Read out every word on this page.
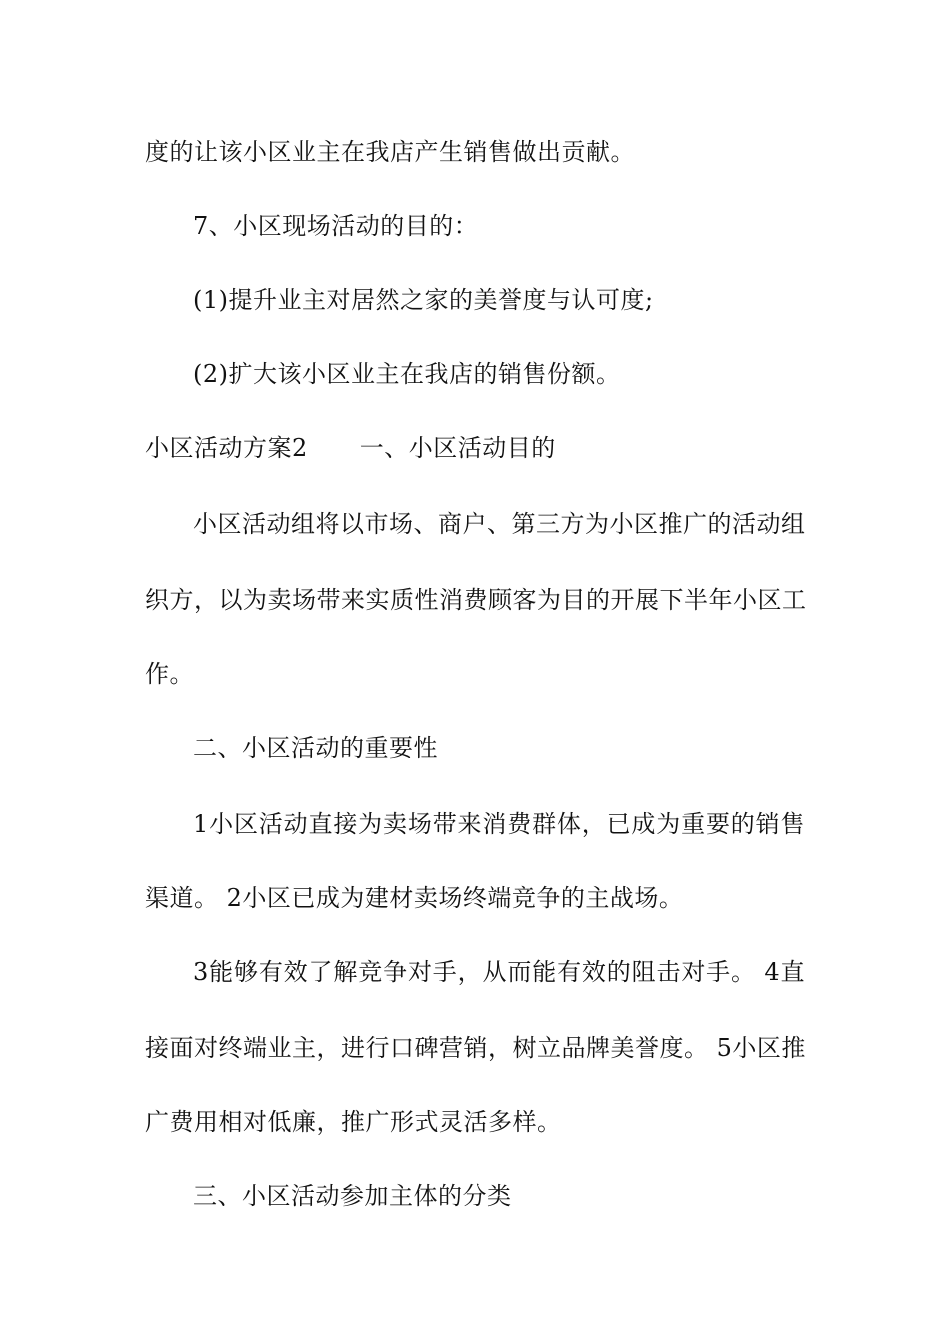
度的让该小区业主在我店产生销售做出贡献。
7、小区现场活动的目的：
(1)提升业主对居然之家的美誉度与认可度;
(2)扩大该小区业主在我店的销售份额。
小区活动方案2 一、小区活动目的
小区活动组将以市场、商户、第三方为小区推广的活动组
织方，以为卖场带来实质性消费顾客为目的开展下半年小区工
作。
二、小区活动的重要性
1小区活动直接为卖场带来消费群体，已成为重要的销售
渠道。 2小区已成为建材卖场终端竞争的主战场。
3能够有效了解竞争对手，从而能有效的阻击对手。 4直
接面对终端业主，进行口碑营销，树立品牌美誉度。 5小区推
广费用相对低廉，推广形式灵活多样。
三、小区活动参加主体的分类
